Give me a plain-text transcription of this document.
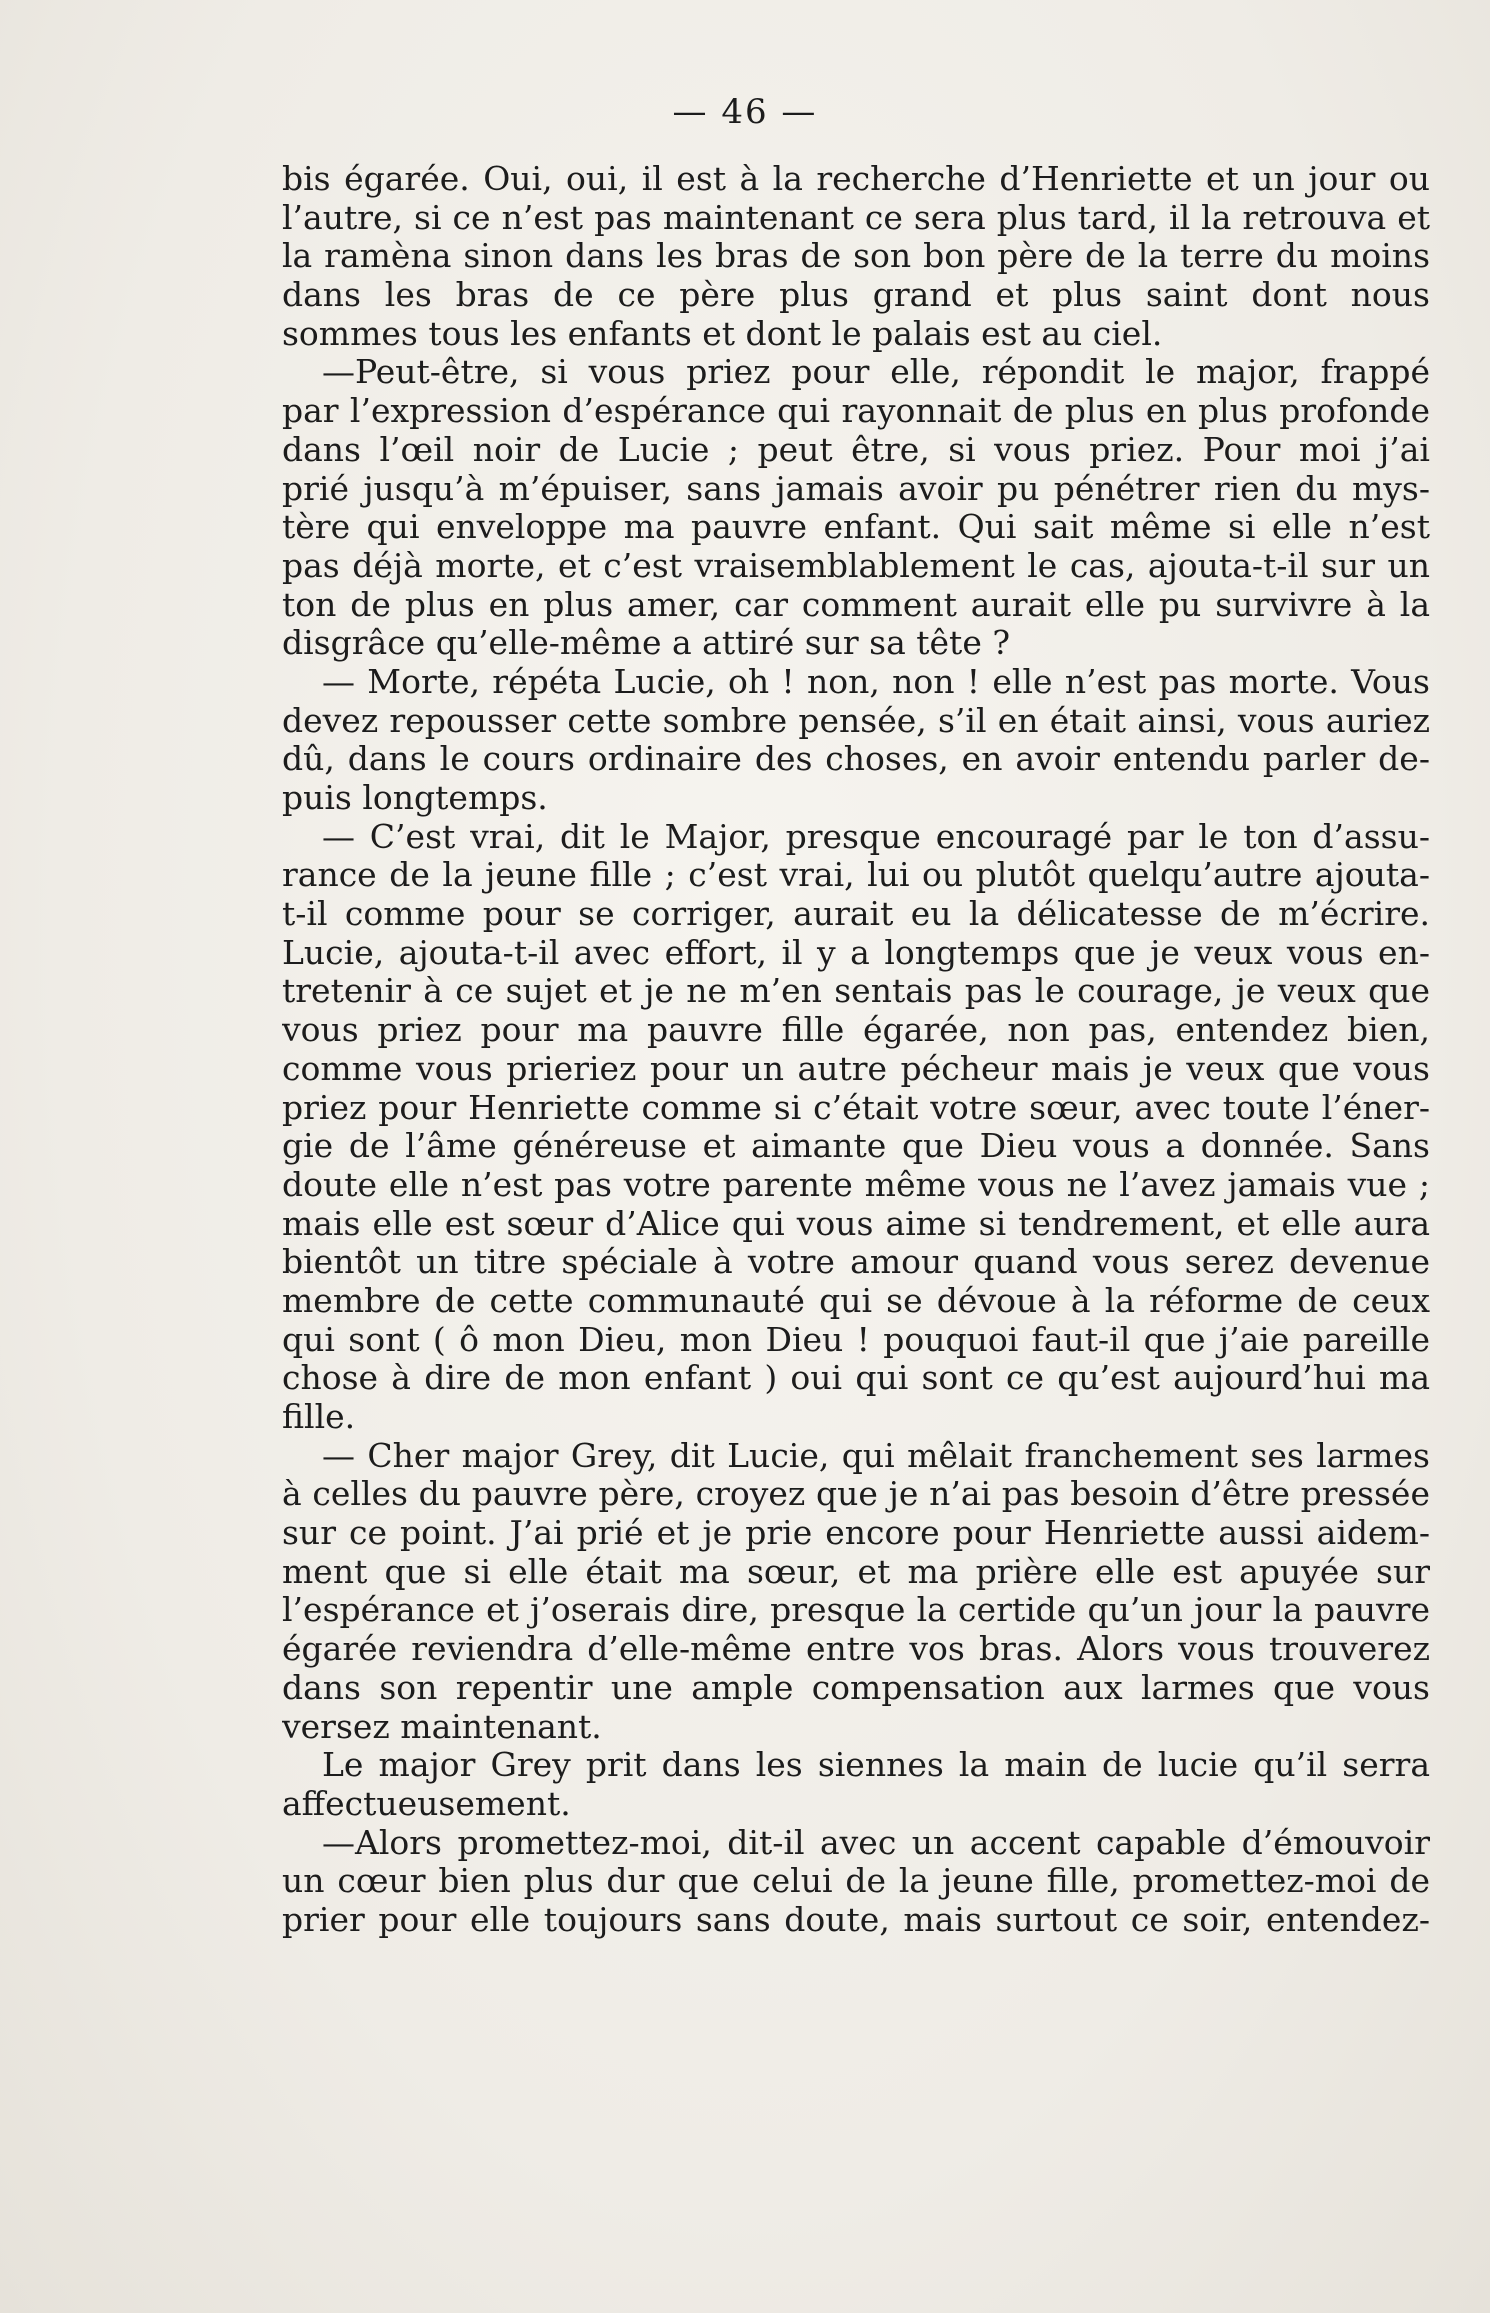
— 46 —
bis égarée. Oui, oui, il est à la recherche d’Henriette et un jour ou
l’autre, si ce n’est pas maintenant ce sera plus tard, il la retrouva et
la ramèna sinon dans les bras de son bon père de la terre du moins
dans les bras de ce père plus grand et plus saint dont nous
sommes tous les enfants et dont le palais est au ciel.
—Peut-être, si vous priez pour elle, répondit le major, frappé
par l’expression d’espérance qui rayonnait de plus en plus profonde
dans l’œil noir de Lucie ; peut être, si vous priez. Pour moi j’ai
prié jusqu’à m’épuiser, sans jamais avoir pu pénétrer rien du mys-
tère qui enveloppe ma pauvre enfant. Qui sait même si elle n’est
pas déjà morte, et c’est vraisemblablement le cas, ajouta-t-il sur un
ton de plus en plus amer, car comment aurait elle pu survivre à la
disgrâce qu’elle-même a attiré sur sa tête ?
— Morte, répéta Lucie, oh ! non, non ! elle n’est pas morte. Vous
devez repousser cette sombre pensée, s’il en était ainsi, vous auriez
dû, dans le cours ordinaire des choses, en avoir entendu parler de-
puis longtemps.
— C’est vrai, dit le Major, presque encouragé par le ton d’assu-
rance de la jeune fille ; c’est vrai, lui ou plutôt quelqu’autre ajouta-
t-il comme pour se corriger, aurait eu la délicatesse de m’écrire.
Lucie, ajouta-t-il avec effort, il y a longtemps que je veux vous en-
tretenir à ce sujet et je ne m’en sentais pas le courage, je veux que
vous priez pour ma pauvre fille égarée, non pas, entendez bien,
comme vous prieriez pour un autre pécheur mais je veux que vous
priez pour Henriette comme si c’était votre sœur, avec toute l’éner-
gie de l’âme généreuse et aimante que Dieu vous a donnée. Sans
doute elle n’est pas votre parente même vous ne l’avez jamais vue ;
mais elle est sœur d’Alice qui vous aime si tendrement, et elle aura
bientôt un titre spéciale à votre amour quand vous serez devenue
membre de cette communauté qui se dévoue à la réforme de ceux
qui sont ( ô mon Dieu, mon Dieu ! pouquoi faut-il que j’aie pareille
chose à dire de mon enfant ) oui qui sont ce qu’est aujourd’hui ma
fille.
— Cher major Grey, dit Lucie, qui mêlait franchement ses larmes
à celles du pauvre père, croyez que je n’ai pas besoin d’être pressée
sur ce point. J’ai prié et je prie encore pour Henriette aussi aidem-
ment que si elle était ma sœur, et ma prière elle est apuyée sur
l’espérance et j’oserais dire, presque la certide qu’un jour la pauvre
égarée reviendra d’elle-même entre vos bras. Alors vous trouverez
dans son repentir une ample compensation aux larmes que vous
versez maintenant.
Le major Grey prit dans les siennes la main de lucie qu’il serra
affectueusement.
—Alors promettez-moi, dit-il avec un accent capable d’émouvoir
un cœur bien plus dur que celui de la jeune fille, promettez-moi de
prier pour elle toujours sans doute, mais surtout ce soir, entendez-
